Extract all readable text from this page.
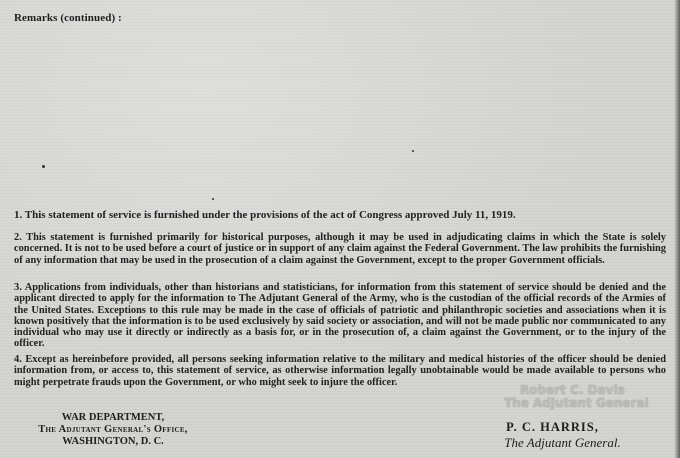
Remarks (continued) :
1. This statement of service is furnished under the provisions of the act of Congress approved July 11, 1919.
2. This statement is furnished primarily for historical purposes, although it may be used in adjudicating claims in which the State is solely concerned. It is not to be used before a court of justice or in support of any claim against the Federal Government. The law prohibits the furnishing of any information that may be used in the prosecution of a claim against the Government, except to the proper Government officials.
3. Applications from individuals, other than historians and statisticians, for information from this statement of service should be denied and the applicant directed to apply for the information to The Adjutant General of the Army, who is the custodian of the official records of the Armies of the United States. Exceptions to this rule may be made in the case of officials of patriotic and philanthropic societies and associations when it is known positively that the information is to be used exclusively by said society or association, and will not be made public nor communicated to any individual who may use it directly or indirectly as a basis for, or in the prosecution of, a claim against the Government, or to the injury of the officer.
4. Except as hereinbefore provided, all persons seeking information relative to the military and medical histories of the officer should be denied information from, or access to, this statement of service, as otherwise information legally unobtainable would be made available to persons who might perpetrate frauds upon the Government, or who might seek to injure the officer.
WAR DEPARTMENT,
The Adjutant General's Office,
WASHINGTON, D. C.
Robert C. Davis
The Adjutant General
P. C. HARRIS,
The Adjutant General.
